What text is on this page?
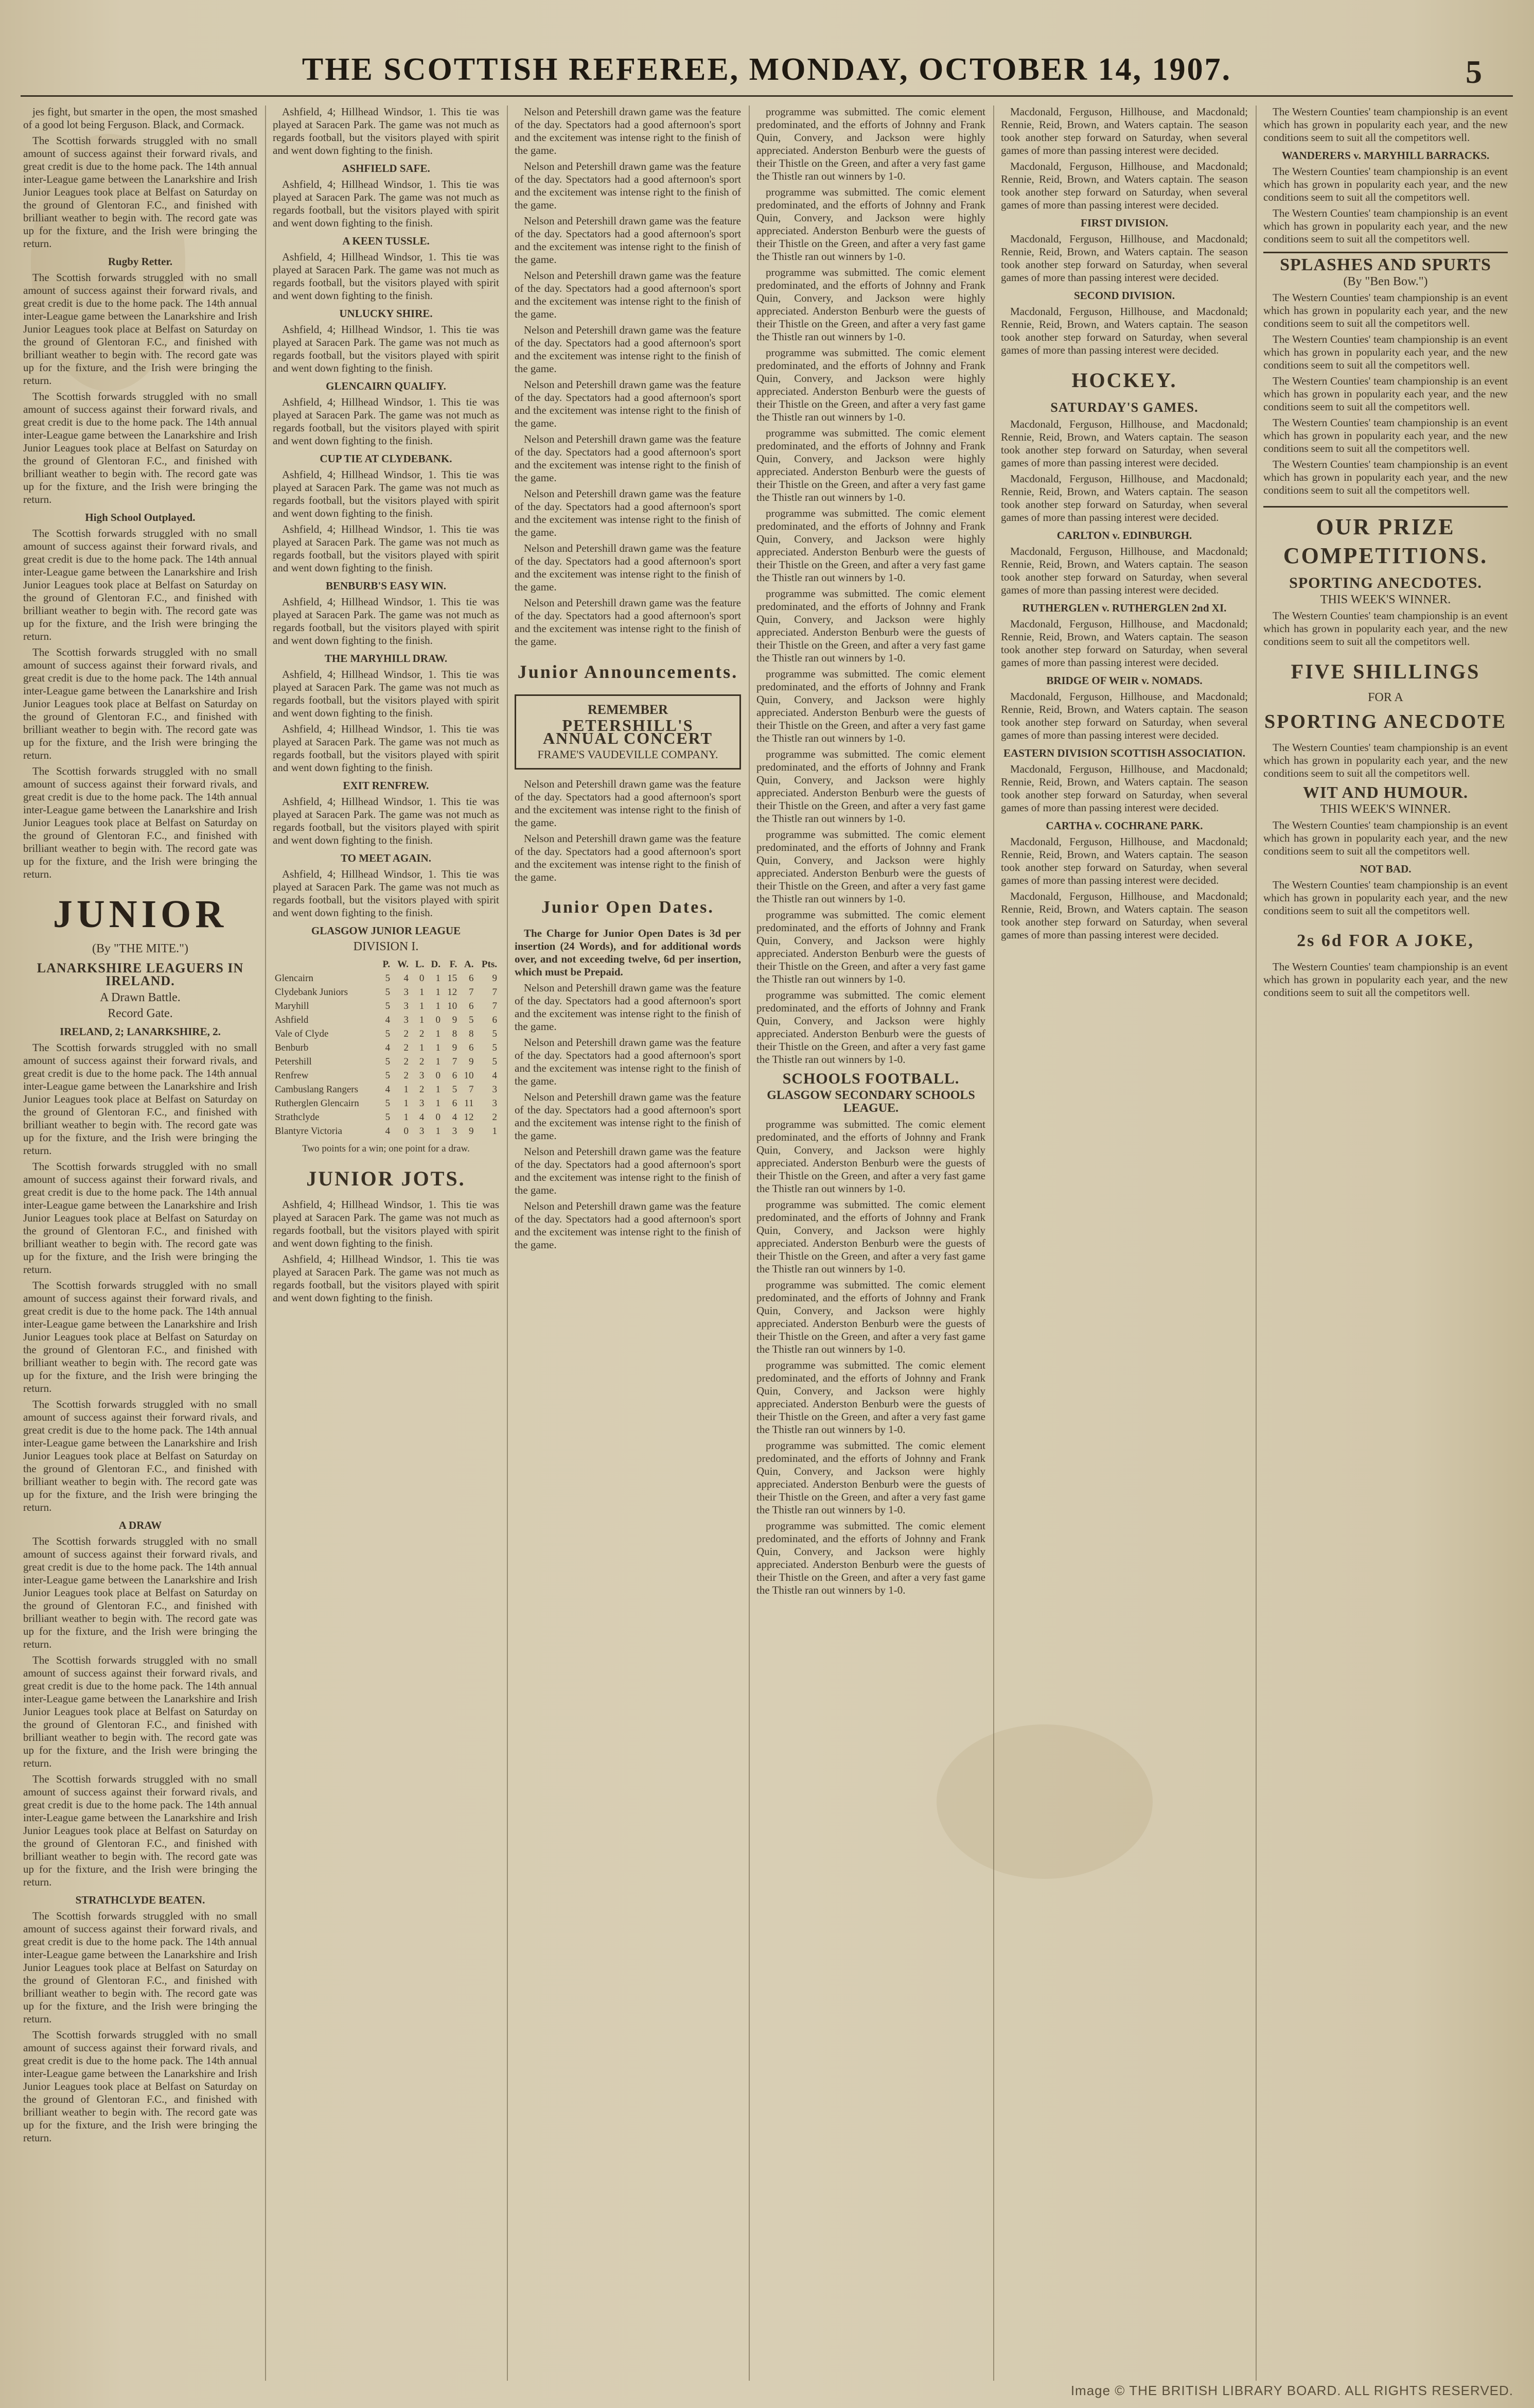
THE SCOTTISH REFEREE, MONDAY, OCTOBER 14, 1907.	5

jes fight, but smarter in the open, the most smashed of a good lot being Ferguson. Black, and Cormack.

The Scottish forwards struggled with no small amount of success against their forward rivals, and great credit is due to the home pack. The 14th annual inter-League game between the Lanarkshire and Irish Junior Leagues took place at Belfast on Saturday on the ground of Glentoran F.C., and finished with brilliant weather to begin with. The record gate was up for the fixture, and the Irish were bringing the return.

Rugby Retter.

The Scottish forwards struggled with no small amount of success against their forward rivals, and great credit is due to the home pack. The 14th annual inter-League game between the Lanarkshire and Irish Junior Leagues took place at Belfast on Saturday on the ground of Glentoran F.C., and finished with brilliant weather to begin with. The record gate was up for the fixture, and the Irish were bringing the return.

The Scottish forwards struggled with no small amount of success against their forward rivals, and great credit is due to the home pack. The 14th annual inter-League game between the Lanarkshire and Irish Junior Leagues took place at Belfast on Saturday on the ground of Glentoran F.C., and finished with brilliant weather to begin with. The record gate was up for the fixture, and the Irish were bringing the return.

High School Outplayed.

The Scottish forwards struggled with no small amount of success against their forward rivals, and great credit is due to the home pack. The 14th annual inter-League game between the Lanarkshire and Irish Junior Leagues took place at Belfast on Saturday on the ground of Glentoran F.C., and finished with brilliant weather to begin with. The record gate was up for the fixture, and the Irish were bringing the return.

The Scottish forwards struggled with no small amount of success against their forward rivals, and great credit is due to the home pack. The 14th annual inter-League game between the Lanarkshire and Irish Junior Leagues took place at Belfast on Saturday on the ground of Glentoran F.C., and finished with brilliant weather to begin with. The record gate was up for the fixture, and the Irish were bringing the return.

The Scottish forwards struggled with no small amount of success against their forward rivals, and great credit is due to the home pack. The 14th annual inter-League game between the Lanarkshire and Irish Junior Leagues took place at Belfast on Saturday on the ground of Glentoran F.C., and finished with brilliant weather to begin with. The record gate was up for the fixture, and the Irish were bringing the return.

JUNIOR
(By "THE MITE.")
LANARKSHIRE LEAGUERS IN IRELAND.
A Drawn Battle.
Record Gate.
IRELAND, 2; LANARKSHIRE, 2.

The Scottish forwards struggled with no small amount of success against their forward rivals, and great credit is due to the home pack. The 14th annual inter-League game between the Lanarkshire and Irish Junior Leagues took place at Belfast on Saturday on the ground of Glentoran F.C., and finished with brilliant weather to begin with. The record gate was up for the fixture, and the Irish were bringing the return.

The Scottish forwards struggled with no small amount of success against their forward rivals, and great credit is due to the home pack. The 14th annual inter-League game between the Lanarkshire and Irish Junior Leagues took place at Belfast on Saturday on the ground of Glentoran F.C., and finished with brilliant weather to begin with. The record gate was up for the fixture, and the Irish were bringing the return.

The Scottish forwards struggled with no small amount of success against their forward rivals, and great credit is due to the home pack. The 14th annual inter-League game between the Lanarkshire and Irish Junior Leagues took place at Belfast on Saturday on the ground of Glentoran F.C., and finished with brilliant weather to begin with. The record gate was up for the fixture, and the Irish were bringing the return.

The Scottish forwards struggled with no small amount of success against their forward rivals, and great credit is due to the home pack. The 14th annual inter-League game between the Lanarkshire and Irish Junior Leagues took place at Belfast on Saturday on the ground of Glentoran F.C., and finished with brilliant weather to begin with. The record gate was up for the fixture, and the Irish were bringing the return.

A DRAW

The Scottish forwards struggled with no small amount of success against their forward rivals, and great credit is due to the home pack. The 14th annual inter-League game between the Lanarkshire and Irish Junior Leagues took place at Belfast on Saturday on the ground of Glentoran F.C., and finished with brilliant weather to begin with. The record gate was up for the fixture, and the Irish were bringing the return.

The Scottish forwards struggled with no small amount of success against their forward rivals, and great credit is due to the home pack. The 14th annual inter-League game between the Lanarkshire and Irish Junior Leagues took place at Belfast on Saturday on the ground of Glentoran F.C., and finished with brilliant weather to begin with. The record gate was up for the fixture, and the Irish were bringing the return.

The Scottish forwards struggled with no small amount of success against their forward rivals, and great credit is due to the home pack. The 14th annual inter-League game between the Lanarkshire and Irish Junior Leagues took place at Belfast on Saturday on the ground of Glentoran F.C., and finished with brilliant weather to begin with. The record gate was up for the fixture, and the Irish were bringing the return.

STRATHCLYDE BEATEN.

The Scottish forwards struggled with no small amount of success against their forward rivals, and great credit is due to the home pack. The 14th annual inter-League game between the Lanarkshire and Irish Junior Leagues took place at Belfast on Saturday on the ground of Glentoran F.C., and finished with brilliant weather to begin with. The record gate was up for the fixture, and the Irish were bringing the return.

The Scottish forwards struggled with no small amount of success against their forward rivals, and great credit is due to the home pack. The 14th annual inter-League game between the Lanarkshire and Irish Junior Leagues took place at Belfast on Saturday on the ground of Glentoran F.C., and finished with brilliant weather to begin with. The record gate was up for the fixture, and the Irish were bringing the return.

Ashfield, 4; Hillhead Windsor, 1. This tie was played at Saracen Park. The game was not much as regards football, but the visitors played with spirit and went down fighting to the finish.

ASHFIELD SAFE.

Ashfield, 4; Hillhead Windsor, 1. This tie was played at Saracen Park. The game was not much as regards football, but the visitors played with spirit and went down fighting to the finish.

A KEEN TUSSLE.

Ashfield, 4; Hillhead Windsor, 1. This tie was played at Saracen Park. The game was not much as regards football, but the visitors played with spirit and went down fighting to the finish.

UNLUCKY SHIRE.

Ashfield, 4; Hillhead Windsor, 1. This tie was played at Saracen Park. The game was not much as regards football, but the visitors played with spirit and went down fighting to the finish.

GLENCAIRN QUALIFY.

Ashfield, 4; Hillhead Windsor, 1. This tie was played at Saracen Park. The game was not much as regards football, but the visitors played with spirit and went down fighting to the finish.

CUP TIE AT CLYDEBANK.

Ashfield, 4; Hillhead Windsor, 1. This tie was played at Saracen Park. The game was not much as regards football, but the visitors played with spirit and went down fighting to the finish.

Ashfield, 4; Hillhead Windsor, 1. This tie was played at Saracen Park. The game was not much as regards football, but the visitors played with spirit and went down fighting to the finish.

BENBURB'S EASY WIN.

Ashfield, 4; Hillhead Windsor, 1. This tie was played at Saracen Park. The game was not much as regards football, but the visitors played with spirit and went down fighting to the finish.

THE MARYHILL DRAW.

Ashfield, 4; Hillhead Windsor, 1. This tie was played at Saracen Park. The game was not much as regards football, but the visitors played with spirit and went down fighting to the finish.

Ashfield, 4; Hillhead Windsor, 1. This tie was played at Saracen Park. The game was not much as regards football, but the visitors played with spirit and went down fighting to the finish.

EXIT RENFREW.

Ashfield, 4; Hillhead Windsor, 1. This tie was played at Saracen Park. The game was not much as regards football, but the visitors played with spirit and went down fighting to the finish.

TO MEET AGAIN.

Ashfield, 4; Hillhead Windsor, 1. This tie was played at Saracen Park. The game was not much as regards football, but the visitors played with spirit and went down fighting to the finish.

GLASGOW JUNIOR LEAGUE
DIVISION I.
	P.	W.	L.	D.	F.	A.	Pts.
Glencairn	5	4	0	1	15	6	9
Clydebank Juniors	5	3	1	1	12	7	7
Maryhill	5	3	1	1	10	6	7
Ashfield	4	3	1	0	9	5	6
Vale of Clyde	5	2	2	1	8	8	5
Benburb	4	2	1	1	9	6	5
Petershill	5	2	2	1	7	9	5
Renfrew	5	2	3	0	6	10	4
Cambuslang Rangers	4	1	2	1	5	7	3
Rutherglen Glencairn	5	1	3	1	6	11	3
Strathclyde	5	1	4	0	4	12	2
Blantyre Victoria	4	0	3	1	3	9	1
Two points for a win; one point for a draw.
JUNIOR JOTS.

Ashfield, 4; Hillhead Windsor, 1. This tie was played at Saracen Park. The game was not much as regards football, but the visitors played with spirit and went down fighting to the finish.

Ashfield, 4; Hillhead Windsor, 1. This tie was played at Saracen Park. The game was not much as regards football, but the visitors played with spirit and went down fighting to the finish.

Nelson and Petershill drawn game was the feature of the day. Spectators had a good afternoon's sport and the excitement was intense right to the finish of the game.

Nelson and Petershill drawn game was the feature of the day. Spectators had a good afternoon's sport and the excitement was intense right to the finish of the game.

Nelson and Petershill drawn game was the feature of the day. Spectators had a good afternoon's sport and the excitement was intense right to the finish of the game.

Nelson and Petershill drawn game was the feature of the day. Spectators had a good afternoon's sport and the excitement was intense right to the finish of the game.

Nelson and Petershill drawn game was the feature of the day. Spectators had a good afternoon's sport and the excitement was intense right to the finish of the game.

Nelson and Petershill drawn game was the feature of the day. Spectators had a good afternoon's sport and the excitement was intense right to the finish of the game.

Nelson and Petershill drawn game was the feature of the day. Spectators had a good afternoon's sport and the excitement was intense right to the finish of the game.

Nelson and Petershill drawn game was the feature of the day. Spectators had a good afternoon's sport and the excitement was intense right to the finish of the game.

Nelson and Petershill drawn game was the feature of the day. Spectators had a good afternoon's sport and the excitement was intense right to the finish of the game.

Nelson and Petershill drawn game was the feature of the day. Spectators had a good afternoon's sport and the excitement was intense right to the finish of the game.

Junior Announcements.
REMEMBER
PETERSHILL'S ANNUAL CONCERT
FRAME'S VAUDEVILLE COMPANY.

Nelson and Petershill drawn game was the feature of the day. Spectators had a good afternoon's sport and the excitement was intense right to the finish of the game.

Nelson and Petershill drawn game was the feature of the day. Spectators had a good afternoon's sport and the excitement was intense right to the finish of the game.

Junior Open Dates.

The Charge for Junior Open Dates is 3d per insertion (24 Words), and for additional words over, and not exceeding twelve, 6d per insertion, which must be Prepaid.

Nelson and Petershill drawn game was the feature of the day. Spectators had a good afternoon's sport and the excitement was intense right to the finish of the game.

Nelson and Petershill drawn game was the feature of the day. Spectators had a good afternoon's sport and the excitement was intense right to the finish of the game.

Nelson and Petershill drawn game was the feature of the day. Spectators had a good afternoon's sport and the excitement was intense right to the finish of the game.

Nelson and Petershill drawn game was the feature of the day. Spectators had a good afternoon's sport and the excitement was intense right to the finish of the game.

Nelson and Petershill drawn game was the feature of the day. Spectators had a good afternoon's sport and the excitement was intense right to the finish of the game.

programme was submitted. The comic element predominated, and the efforts of Johnny and Frank Quin, Convery, and Jackson were highly appreciated. Anderston Benburb were the guests of their Thistle on the Green, and after a very fast game the Thistle ran out winners by 1-0.

programme was submitted. The comic element predominated, and the efforts of Johnny and Frank Quin, Convery, and Jackson were highly appreciated. Anderston Benburb were the guests of their Thistle on the Green, and after a very fast game the Thistle ran out winners by 1-0.

programme was submitted. The comic element predominated, and the efforts of Johnny and Frank Quin, Convery, and Jackson were highly appreciated. Anderston Benburb were the guests of their Thistle on the Green, and after a very fast game the Thistle ran out winners by 1-0.

programme was submitted. The comic element predominated, and the efforts of Johnny and Frank Quin, Convery, and Jackson were highly appreciated. Anderston Benburb were the guests of their Thistle on the Green, and after a very fast game the Thistle ran out winners by 1-0.

programme was submitted. The comic element predominated, and the efforts of Johnny and Frank Quin, Convery, and Jackson were highly appreciated. Anderston Benburb were the guests of their Thistle on the Green, and after a very fast game the Thistle ran out winners by 1-0.

programme was submitted. The comic element predominated, and the efforts of Johnny and Frank Quin, Convery, and Jackson were highly appreciated. Anderston Benburb were the guests of their Thistle on the Green, and after a very fast game the Thistle ran out winners by 1-0.

programme was submitted. The comic element predominated, and the efforts of Johnny and Frank Quin, Convery, and Jackson were highly appreciated. Anderston Benburb were the guests of their Thistle on the Green, and after a very fast game the Thistle ran out winners by 1-0.

programme was submitted. The comic element predominated, and the efforts of Johnny and Frank Quin, Convery, and Jackson were highly appreciated. Anderston Benburb were the guests of their Thistle on the Green, and after a very fast game the Thistle ran out winners by 1-0.

programme was submitted. The comic element predominated, and the efforts of Johnny and Frank Quin, Convery, and Jackson were highly appreciated. Anderston Benburb were the guests of their Thistle on the Green, and after a very fast game the Thistle ran out winners by 1-0.

programme was submitted. The comic element predominated, and the efforts of Johnny and Frank Quin, Convery, and Jackson were highly appreciated. Anderston Benburb were the guests of their Thistle on the Green, and after a very fast game the Thistle ran out winners by 1-0.

programme was submitted. The comic element predominated, and the efforts of Johnny and Frank Quin, Convery, and Jackson were highly appreciated. Anderston Benburb were the guests of their Thistle on the Green, and after a very fast game the Thistle ran out winners by 1-0.

programme was submitted. The comic element predominated, and the efforts of Johnny and Frank Quin, Convery, and Jackson were highly appreciated. Anderston Benburb were the guests of their Thistle on the Green, and after a very fast game the Thistle ran out winners by 1-0.

SCHOOLS FOOTBALL.
GLASGOW SECONDARY SCHOOLS LEAGUE.

programme was submitted. The comic element predominated, and the efforts of Johnny and Frank Quin, Convery, and Jackson were highly appreciated. Anderston Benburb were the guests of their Thistle on the Green, and after a very fast game the Thistle ran out winners by 1-0.

programme was submitted. The comic element predominated, and the efforts of Johnny and Frank Quin, Convery, and Jackson were highly appreciated. Anderston Benburb were the guests of their Thistle on the Green, and after a very fast game the Thistle ran out winners by 1-0.

programme was submitted. The comic element predominated, and the efforts of Johnny and Frank Quin, Convery, and Jackson were highly appreciated. Anderston Benburb were the guests of their Thistle on the Green, and after a very fast game the Thistle ran out winners by 1-0.

programme was submitted. The comic element predominated, and the efforts of Johnny and Frank Quin, Convery, and Jackson were highly appreciated. Anderston Benburb were the guests of their Thistle on the Green, and after a very fast game the Thistle ran out winners by 1-0.

programme was submitted. The comic element predominated, and the efforts of Johnny and Frank Quin, Convery, and Jackson were highly appreciated. Anderston Benburb were the guests of their Thistle on the Green, and after a very fast game the Thistle ran out winners by 1-0.

programme was submitted. The comic element predominated, and the efforts of Johnny and Frank Quin, Convery, and Jackson were highly appreciated. Anderston Benburb were the guests of their Thistle on the Green, and after a very fast game the Thistle ran out winners by 1-0.

Macdonald, Ferguson, Hillhouse, and Macdonald; Rennie, Reid, Brown, and Waters captain. The season took another step forward on Saturday, when several games of more than passing interest were decided.

Macdonald, Ferguson, Hillhouse, and Macdonald; Rennie, Reid, Brown, and Waters captain. The season took another step forward on Saturday, when several games of more than passing interest were decided.

FIRST DIVISION.

Macdonald, Ferguson, Hillhouse, and Macdonald; Rennie, Reid, Brown, and Waters captain. The season took another step forward on Saturday, when several games of more than passing interest were decided.

SECOND DIVISION.

Macdonald, Ferguson, Hillhouse, and Macdonald; Rennie, Reid, Brown, and Waters captain. The season took another step forward on Saturday, when several games of more than passing interest were decided.

HOCKEY.
SATURDAY'S GAMES.

Macdonald, Ferguson, Hillhouse, and Macdonald; Rennie, Reid, Brown, and Waters captain. The season took another step forward on Saturday, when several games of more than passing interest were decided.

Macdonald, Ferguson, Hillhouse, and Macdonald; Rennie, Reid, Brown, and Waters captain. The season took another step forward on Saturday, when several games of more than passing interest were decided.

CARLTON v. EDINBURGH.

Macdonald, Ferguson, Hillhouse, and Macdonald; Rennie, Reid, Brown, and Waters captain. The season took another step forward on Saturday, when several games of more than passing interest were decided.

RUTHERGLEN v. RUTHERGLEN 2nd XI.

Macdonald, Ferguson, Hillhouse, and Macdonald; Rennie, Reid, Brown, and Waters captain. The season took another step forward on Saturday, when several games of more than passing interest were decided.

BRIDGE OF WEIR v. NOMADS.

Macdonald, Ferguson, Hillhouse, and Macdonald; Rennie, Reid, Brown, and Waters captain. The season took another step forward on Saturday, when several games of more than passing interest were decided.

EASTERN DIVISION SCOTTISH ASSOCIATION.

Macdonald, Ferguson, Hillhouse, and Macdonald; Rennie, Reid, Brown, and Waters captain. The season took another step forward on Saturday, when several games of more than passing interest were decided.

CARTHA v. COCHRANE PARK.

Macdonald, Ferguson, Hillhouse, and Macdonald; Rennie, Reid, Brown, and Waters captain. The season took another step forward on Saturday, when several games of more than passing interest were decided.

Macdonald, Ferguson, Hillhouse, and Macdonald; Rennie, Reid, Brown, and Waters captain. The season took another step forward on Saturday, when several games of more than passing interest were decided.

The Western Counties' team championship is an event which has grown in popularity each year, and the new conditions seem to suit all the competitors well.

WANDERERS v. MARYHILL BARRACKS.

The Western Counties' team championship is an event which has grown in popularity each year, and the new conditions seem to suit all the competitors well.

The Western Counties' team championship is an event which has grown in popularity each year, and the new conditions seem to suit all the competitors well.

SPLASHES AND SPURTS
(By "Ben Bow.")

The Western Counties' team championship is an event which has grown in popularity each year, and the new conditions seem to suit all the competitors well.

The Western Counties' team championship is an event which has grown in popularity each year, and the new conditions seem to suit all the competitors well.

The Western Counties' team championship is an event which has grown in popularity each year, and the new conditions seem to suit all the competitors well.

The Western Counties' team championship is an event which has grown in popularity each year, and the new conditions seem to suit all the competitors well.

The Western Counties' team championship is an event which has grown in popularity each year, and the new conditions seem to suit all the competitors well.

OUR PRIZE COMPETITIONS.
SPORTING ANECDOTES.
THIS WEEK'S WINNER.

The Western Counties' team championship is an event which has grown in popularity each year, and the new conditions seem to suit all the competitors well.

FIVE SHILLINGS
FOR A
SPORTING ANECDOTE

The Western Counties' team championship is an event which has grown in popularity each year, and the new conditions seem to suit all the competitors well.

WIT AND HUMOUR.
THIS WEEK'S WINNER.

The Western Counties' team championship is an event which has grown in popularity each year, and the new conditions seem to suit all the competitors well.

NOT BAD.

The Western Counties' team championship is an event which has grown in popularity each year, and the new conditions seem to suit all the competitors well.

2s 6d FOR A JOKE,

The Western Counties' team championship is an event which has grown in popularity each year, and the new conditions seem to suit all the competitors well.

Image © THE BRITISH LIBRARY BOARD. ALL RIGHTS RESERVED.
